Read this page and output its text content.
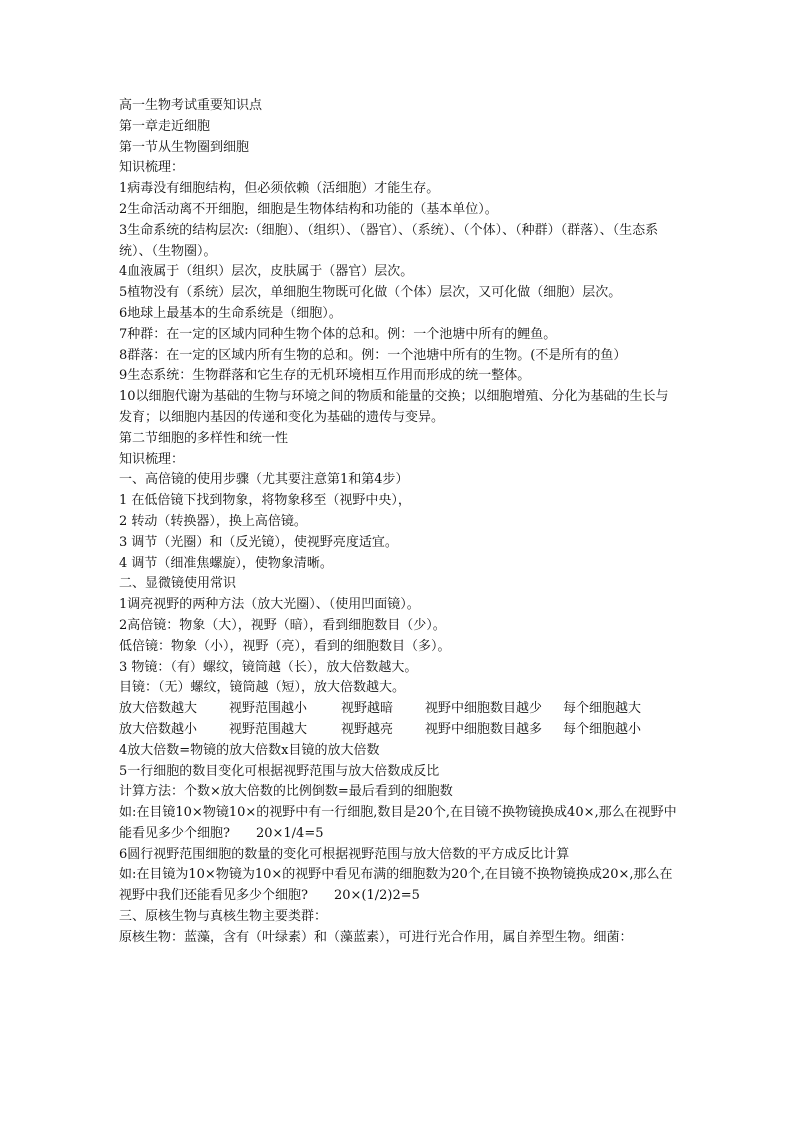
高一生物考试重要知识点
第一章走近细胞
第一节从生物圈到细胞
知识梳理：
1病毒没有细胞结构，但必须依赖（活细胞）才能生存。
2生命活动离不开细胞，细胞是生物体结构和功能的（基本单位）。
3生命系统的结构层次:（细胞）、（组织）、（器官）、（系统）、（个体）、（种群）（群落）、（生态系统）、（生物圈）。
4血液属于（组织）层次，皮肤属于（器官）层次。
5植物没有（系统）层次，单细胞生物既可化做（个体）层次，又可化做（细胞）层次。
6地球上最基本的生命系统是（细胞）。
7种群：在一定的区域内同种生物个体的总和。例：一个池塘中所有的鲤鱼。
8群落：在一定的区域内所有生物的总和。例：一个池塘中所有的生物。(不是所有的鱼）
9生态系统：生物群落和它生存的无机环境相互作用而形成的统一整体。
10以细胞代谢为基础的生物与环境之间的物质和能量的交换；以细胞增殖、分化为基础的生长与发育；以细胞内基因的传递和变化为基础的遗传与变异。
第二节细胞的多样性和统一性
知识梳理：
一、高倍镜的使用步骤（尤其要注意第1和第4步）
1 在低倍镜下找到物象，将物象移至（视野中央），
2 转动（转换器），换上高倍镜。
3 调节（光圈）和（反光镜），使视野亮度适宜。
4 调节（细准焦螺旋），使物象清晰。
二、显微镜使用常识
1调亮视野的两种方法（放大光圈）、（使用凹面镜）。
2高倍镜：物象（大），视野（暗），看到细胞数目（少）。
低倍镜：物象（小），视野（亮），看到的细胞数目（多）。
3 物镜：（有）螺纹，镜筒越（长），放大倍数越大。
目镜：（无）螺纹，镜筒越（短），放大倍数越大。
放大倍数越大 视野范围越小	视野越暗 视野中细胞数目越少 每个细胞越大
放大倍数越小 视野范围越大	视野越亮 视野中细胞数目越多 每个细胞越小
4放大倍数=物镜的放大倍数х目镜的放大倍数
5一行细胞的数目变化可根据视野范围与放大倍数成反比
计算方法：个数×放大倍数的比例倒数=最后看到的细胞数
如:在目镜10×物镜10×的视野中有一行细胞,数目是20个,在目镜不换物镜换成40×,那么在视野中能看见多少个细胞?　　20×1/4=5
6圆行视野范围细胞的数量的变化可根据视野范围与放大倍数的平方成反比计算
如:在目镜为10×物镜为10×的视野中看见布满的细胞数为20个,在目镜不换物镜换成20×,那么在视野中我们还能看见多少个细胞?　　20×(1/2)2=5
三、原核生物与真核生物主要类群：
原核生物：蓝藻，含有（叶绿素）和（藻蓝素），可进行光合作用，属自养型生物。细菌：
